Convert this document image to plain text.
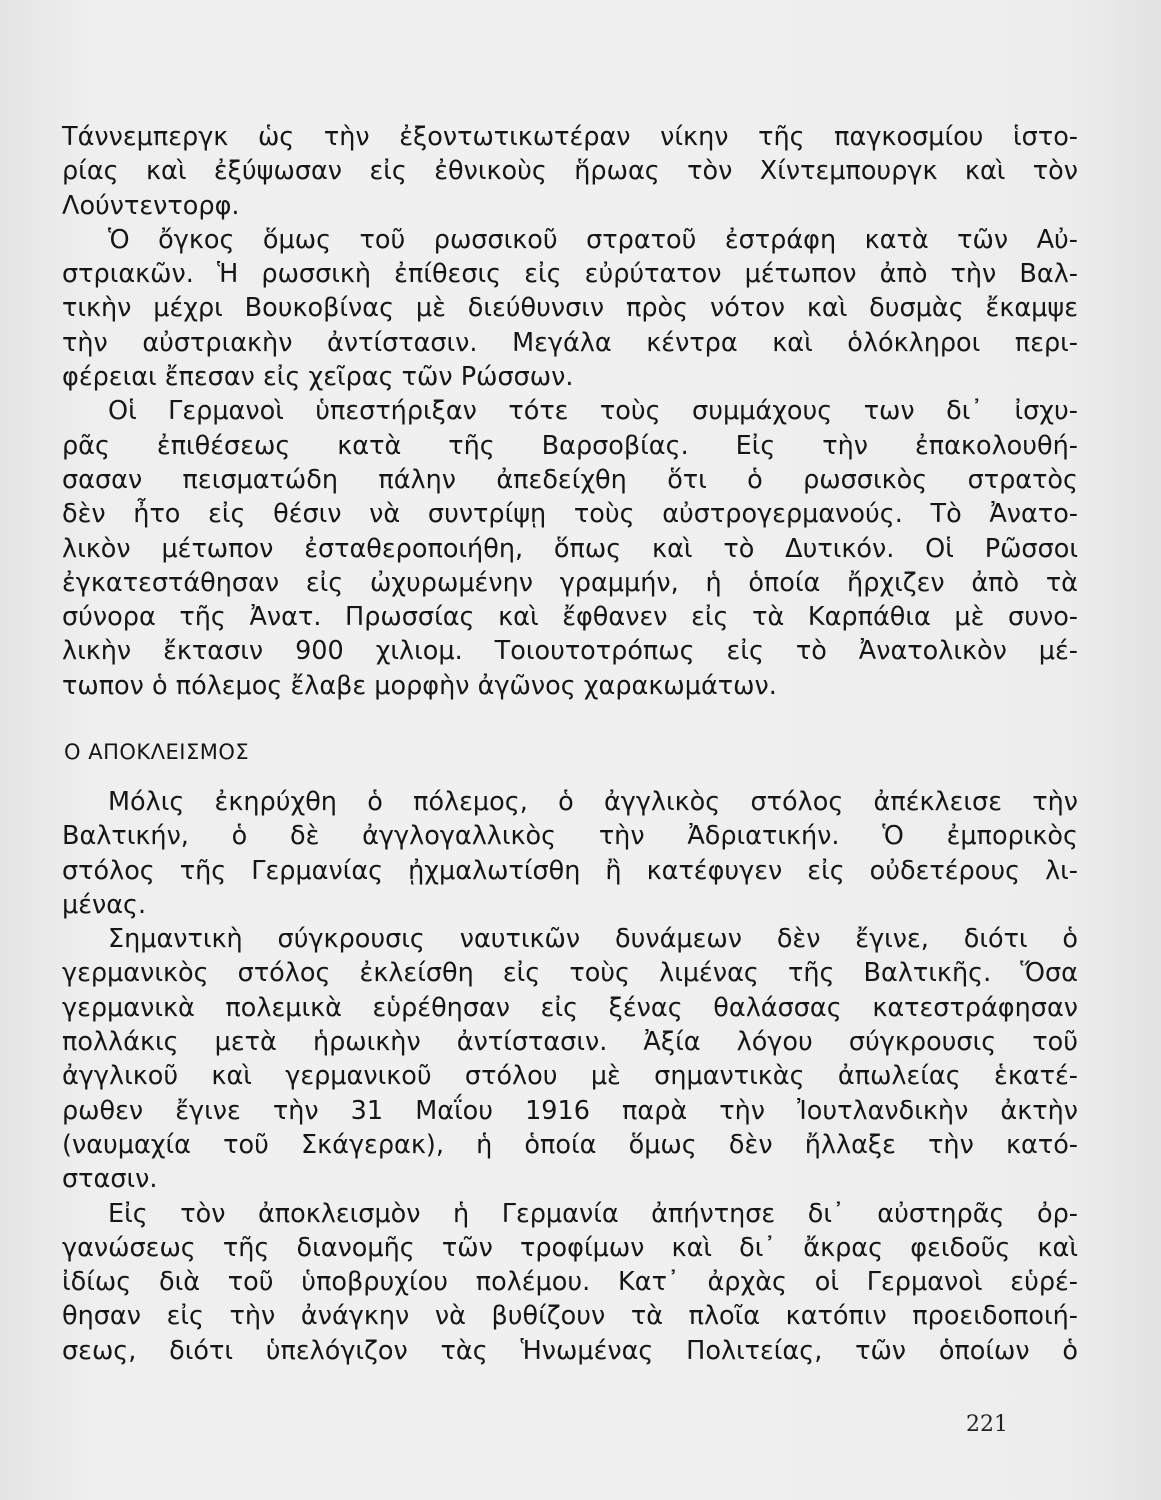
Τάννεμπεργκ ὡς τὴν ἐξοντωτικωτέραν νίκην τῆς παγκοσμίου ἱστο-
ρίας καὶ ἐξύψωσαν εἰς ἐθνικοὺς ἥρωας τὸν Χίντεμπουργκ καὶ τὸν
Λούντεντορφ.
Ὁ ὄγκος ὅμως τοῦ ρωσσικοῦ στρατοῦ ἐστράφη κατὰ τῶν Αὐ-
στριακῶν. Ἡ ρωσσικὴ ἐπίθεσις εἰς εὐρύτατον μέτωπον ἀπὸ τὴν Βαλ-
τικὴν μέχρι Βουκοβίνας μὲ διεύθυνσιν πρὸς νότον καὶ δυσμὰς ἔκαμψε
τὴν αὐστριακὴν ἀντίστασιν. Μεγάλα κέντρα καὶ ὁλόκληροι περι-
φέρειαι ἔπεσαν εἰς χεῖρας τῶν Ρώσσων.
Οἱ Γερμανοὶ ὑπεστήριξαν τότε τοὺς συμμάχους των δι᾽ ἰσχυ-
ρᾶς ἐπιθέσεως κατὰ τῆς Βαρσοβίας. Εἰς τὴν ἐπακολουθή-
σασαν πεισματώδη πάλην ἀπεδείχθη ὅτι ὁ ρωσσικὸς στρατὸς
δὲν ἦτο εἰς θέσιν νὰ συντρίψῃ τοὺς αὐστρογερμανούς. Τὸ Ἀνατο-
λικὸν μέτωπον ἐσταθεροποιήθη, ὅπως καὶ τὸ Δυτικόν. Οἱ Ρῶσσοι
ἐγκατεστάθησαν εἰς ὠχυρωμένην γραμμήν, ἡ ὁποία ἤρχιζεν ἀπὸ τὰ
σύνορα τῆς Ἀνατ. Πρωσσίας καὶ ἔφθανεν εἰς τὰ Καρπάθια μὲ συνο-
λικὴν ἔκτασιν 900 χιλιομ. Τοιουτοτρόπως εἰς τὸ Ἀνατολικὸν μέ-
τωπον ὁ πόλεμος ἔλαβε μορφὴν ἀγῶνος χαρακωμάτων.
Ο ΑΠΟΚΛΕΙΣΜΟΣ
Μόλις ἐκηρύχθη ὁ πόλεμος, ὁ ἀγγλικὸς στόλος ἀπέκλεισε τὴν
Βαλτικήν, ὁ δὲ ἀγγλογαλλικὸς τὴν Ἀδριατικήν. Ὁ ἐμπορικὸς
στόλος τῆς Γερμανίας ᾐχμαλωτίσθη ἢ κατέφυγεν εἰς οὐδετέρους λι-
μένας.
Σημαντικὴ σύγκρουσις ναυτικῶν δυνάμεων δὲν ἔγινε, διότι ὁ
γερμανικὸς στόλος ἐκλείσθη εἰς τοὺς λιμένας τῆς Βαλτικῆς. Ὅσα
γερμανικὰ πολεμικὰ εὑρέθησαν εἰς ξένας θαλάσσας κατεστράφησαν
πολλάκις μετὰ ἡρωικὴν ἀντίστασιν. Ἀξία λόγου σύγκρουσις τοῦ
ἀγγλικοῦ καὶ γερμανικοῦ στόλου μὲ σημαντικὰς ἀπωλείας ἑκατέ-
ρωθεν ἔγινε τὴν 31 Μαΐου 1916 παρὰ τὴν Ἰουτλανδικὴν ἀκτὴν
(ναυμαχία τοῦ Σκάγερακ), ἡ ὁποία ὅμως δὲν ἤλλαξε τὴν κατό-
στασιν.
Εἰς τὸν ἀποκλεισμὸν ἡ Γερμανία ἀπήντησε δι᾽ αὐστηρᾶς ὀρ-
γανώσεως τῆς διανομῆς τῶν τροφίμων καὶ δι᾽ ἄκρας φειδοῦς καὶ
ἰδίως διὰ τοῦ ὑποβρυχίου πολέμου. Κατ᾽ ἀρχὰς οἱ Γερμανοὶ εὑρέ-
θησαν εἰς τὴν ἀνάγκην νὰ βυθίζουν τὰ πλοῖα κατόπιν προειδοποιή-
σεως, διότι ὑπελόγιζον τὰς Ἡνωμένας Πολιτείας, τῶν ὁποίων ὁ
221
